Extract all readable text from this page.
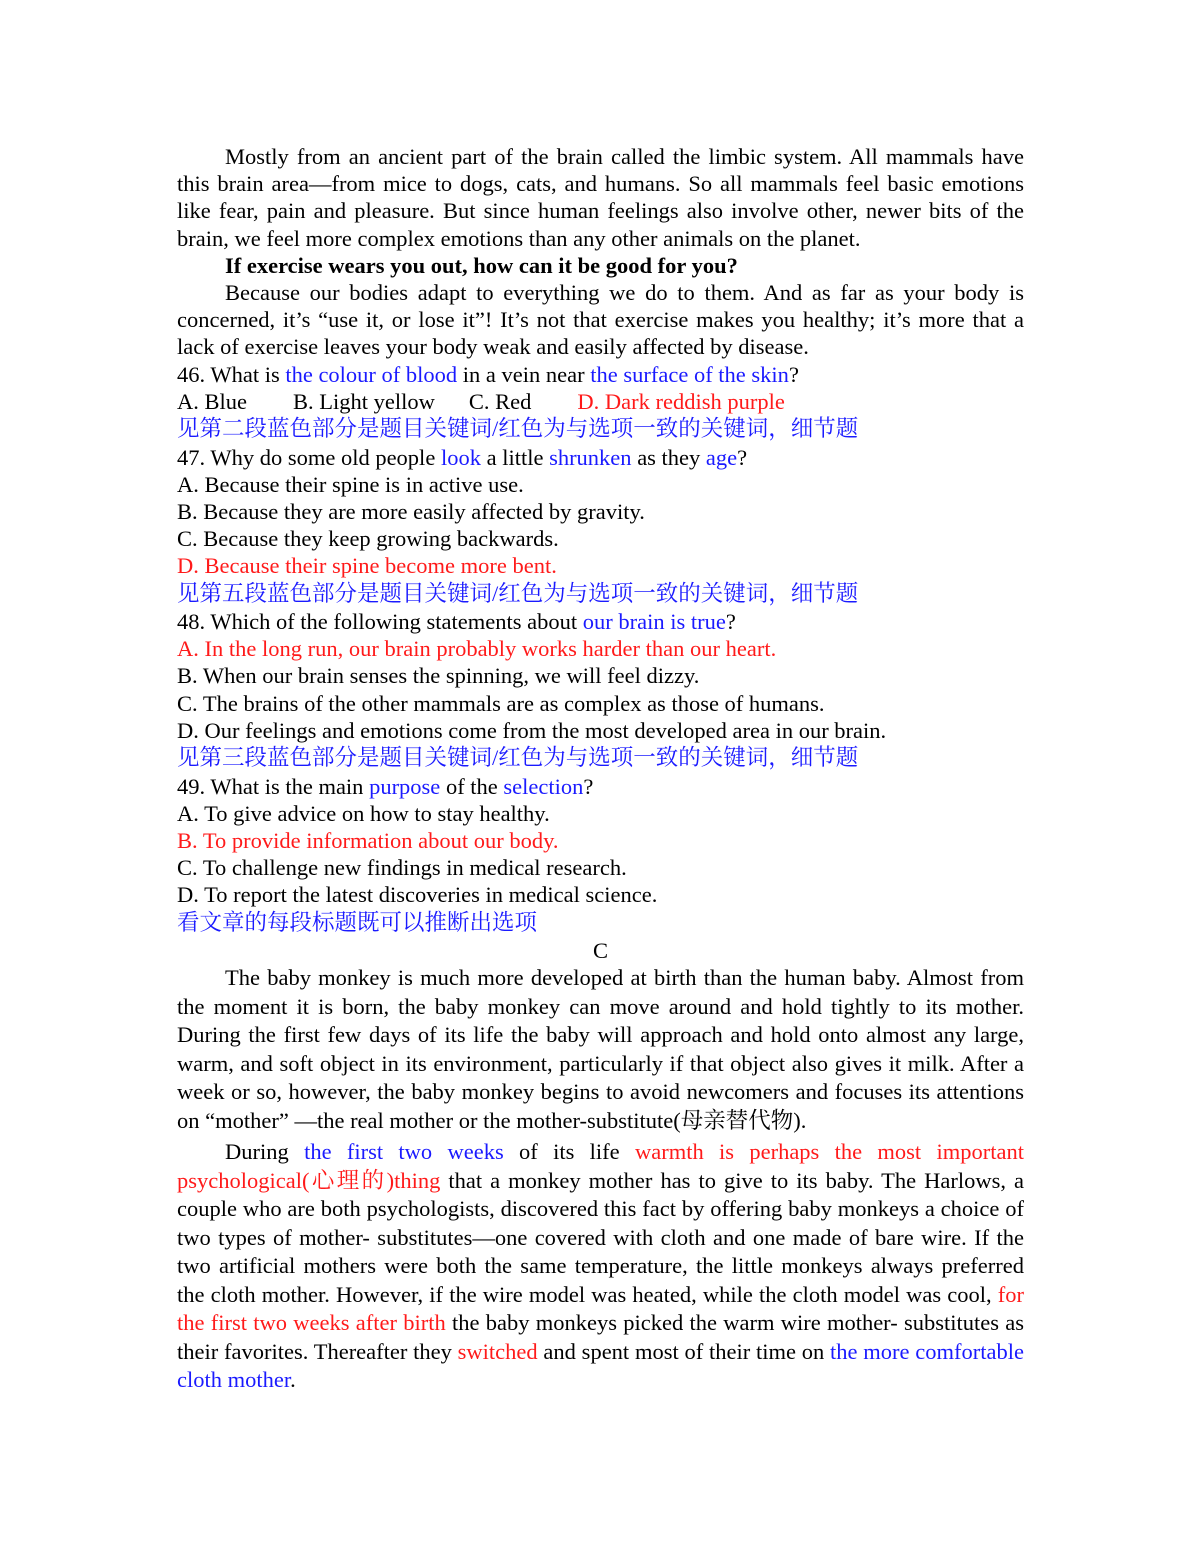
Mostly from an ancient part of the brain called the limbic system. All mammals have this brain area—from mice to dogs, cats, and humans. So all mammals feel basic emotions like fear, pain and pleasure. But since human feelings also involve other, newer bits of the brain, we feel more complex emotions than any other animals on the planet.

If exercise wears you out, how can it be good for you?

Because our bodies adapt to everything we do to them. And as far as your body is concerned, it’s “use it, or lose it”! It’s not that exercise makes you healthy; it’s more that a lack of exercise leaves your body weak and easily affected by disease.

46. What is the colour of blood in a vein near the surface of the skin?

A. Blue B. Light yellow C. Red D. Dark reddish purple

见第二段蓝色部分是题目关键词/红色为与选项一致的关键词，细节题

47. Why do some old people look a little shrunken as they age?

A. Because their spine is in active use.

B. Because they are more easily affected by gravity.

C. Because they keep growing backwards.

D. Because their spine become more bent.

见第五段蓝色部分是题目关键词/红色为与选项一致的关键词，细节题

48. Which of the following statements about our brain is true?

A. In the long run, our brain probably works harder than our heart.

B. When our brain senses the spinning, we will feel dizzy.

C. The brains of the other mammals are as complex as those of humans.

D. Our feelings and emotions come from the most developed area in our brain.

见第三段蓝色部分是题目关键词/红色为与选项一致的关键词，细节题

49. What is the main purpose of the selection?

A. To give advice on how to stay healthy.

B. To provide information about our body.

C. To challenge new findings in medical research.

D. To report the latest discoveries in medical science.

看文章的每段标题既可以推断出选项

C

The baby monkey is much more developed at birth than the human baby. Almost from the moment it is born, the baby monkey can move around and hold tightly to its mother. During the first few days of its life the baby will approach and hold onto almost any large, warm, and soft object in its environment, particularly if that object also gives it milk. After a week or so, however, the baby monkey begins to avoid newcomers and focuses its attentions on “mother” —the real mother or the mother-substitute(母亲替代物).

During the first two weeks of its life warmth is perhaps the most important psychological(心理的)thing that a monkey mother has to give to its baby. The Harlows, a couple who are both psychologists, discovered this fact by offering baby monkeys a choice of two types of mother- substitutes—one covered with cloth and one made of bare wire. If the two artificial mothers were both the same temperature, the little monkeys always preferred the cloth mother. However, if the wire model was heated, while the cloth model was cool, for the first two weeks after birth the baby monkeys picked the warm wire mother- substitutes as their favorites. Thereafter they switched and spent most of their time on the more comfortable cloth mother.
